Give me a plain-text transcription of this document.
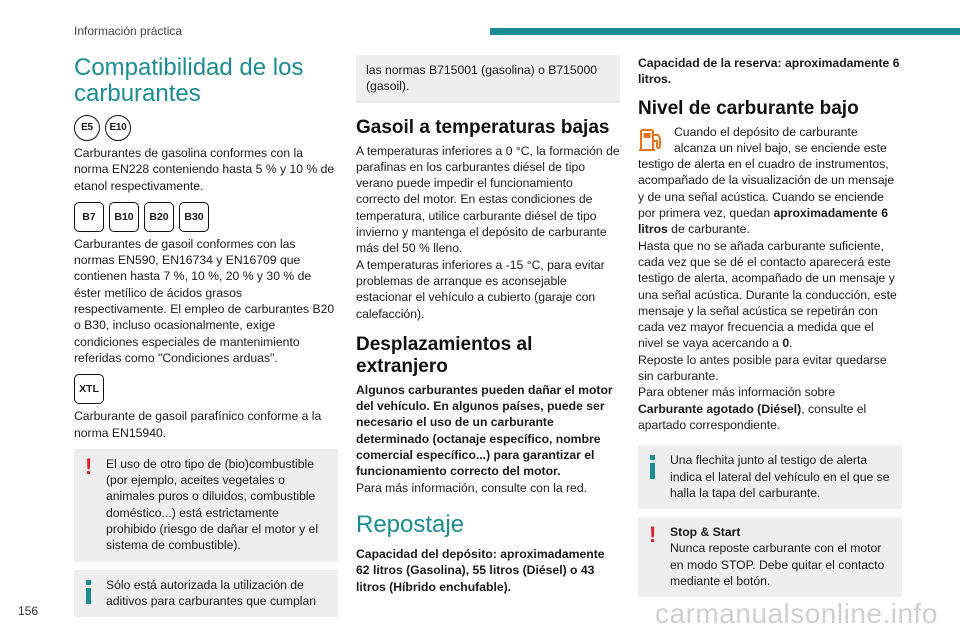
Información práctica
Compatibilidad de los carburantes
E5	E10

Carburantes de gasolina conformes con la norma EN228 conteniendo hasta 5 % y 10 % de etanol respectivamente.

B7	B10	B20	B30

Carburantes de gasoil conformes con las normas EN590, EN16734 y EN16709 que contienen hasta 7 %, 10 %, 20 % y 30 % de éster metílico de ácidos grasos respectivamente. El empleo de carburantes B20 o B30, incluso ocasionalmente, exige condiciones especiales de mantenimiento referidas como "Condiciones arduas".

XTL

Carburante de gasoil parafínico conforme a la norma EN15940.

! El uso de otro tipo de (bio)combustible (por ejemplo, aceites vegetales o animales puros o diluidos, combustible doméstico...) está estrictamente prohibido (riesgo de dañar el motor y el sistema de combustible).

Sólo está autorizada la utilización de aditivos para carburantes que cumplan

las normas B715001 (gasolina) o B715000 (gasoil).

Gasoil a temperaturas bajas

A temperaturas inferiores a 0 °C, la formación de parafinas en los carburantes diésel de tipo verano puede impedir el funcionamiento correcto del motor. En estas condiciones de temperatura, utilice carburante diésel de tipo invierno y mantenga el depósito de carburante más del 50 % lleno.

A temperaturas inferiores a -15 °C, para evitar problemas de arranque es aconsejable estacionar el vehículo a cubierto (garaje con calefacción).

Desplazamientos al extranjero

Algunos carburantes pueden dañar el motor del vehículo. En algunos países, puede ser necesario el uso de un carburante determinado (octanaje específico, nombre comercial específico...) para garantizar el funcionamiento correcto del motor.

Para más información, consulte con la red.

Repostaje

Capacidad del depósito: aproximadamente 62 litros (Gasolina), 55 litros (Diésel) o 43 litros (Híbrido enchufable).

Capacidad de la reserva: aproximadamente 6 litros.

Nivel de carburante bajo

Cuando el depósito de carburante alcanza un nivel bajo, se enciende este testigo de alerta en el cuadro de instrumentos, acompañado de la visualización de un mensaje y de una señal acústica. Cuando se enciende por primera vez, quedan aproximadamente 6 litros de carburante.

Hasta que no se añada carburante suficiente, cada vez que se dé el contacto aparecerá este testigo de alerta, acompañado de un mensaje y una señal acústica. Durante la conducción, este mensaje y la señal acústica se repetirán con cada vez mayor frecuencia a medida que el nivel se vaya acercando a 0.

Reposte lo antes posible para evitar quedarse sin carburante.

Para obtener más información sobre Carburante agotado (Diésel), consulte el apartado correspondiente.

Una flechita junto al testigo de alerta indica el lateral del vehículo en el que se halla la tapa del carburante.

! Stop & Start

Nunca reposte carburante con el motor en modo STOP. Debe quitar el contacto mediante el botón.

156	carmanualsonline.info
